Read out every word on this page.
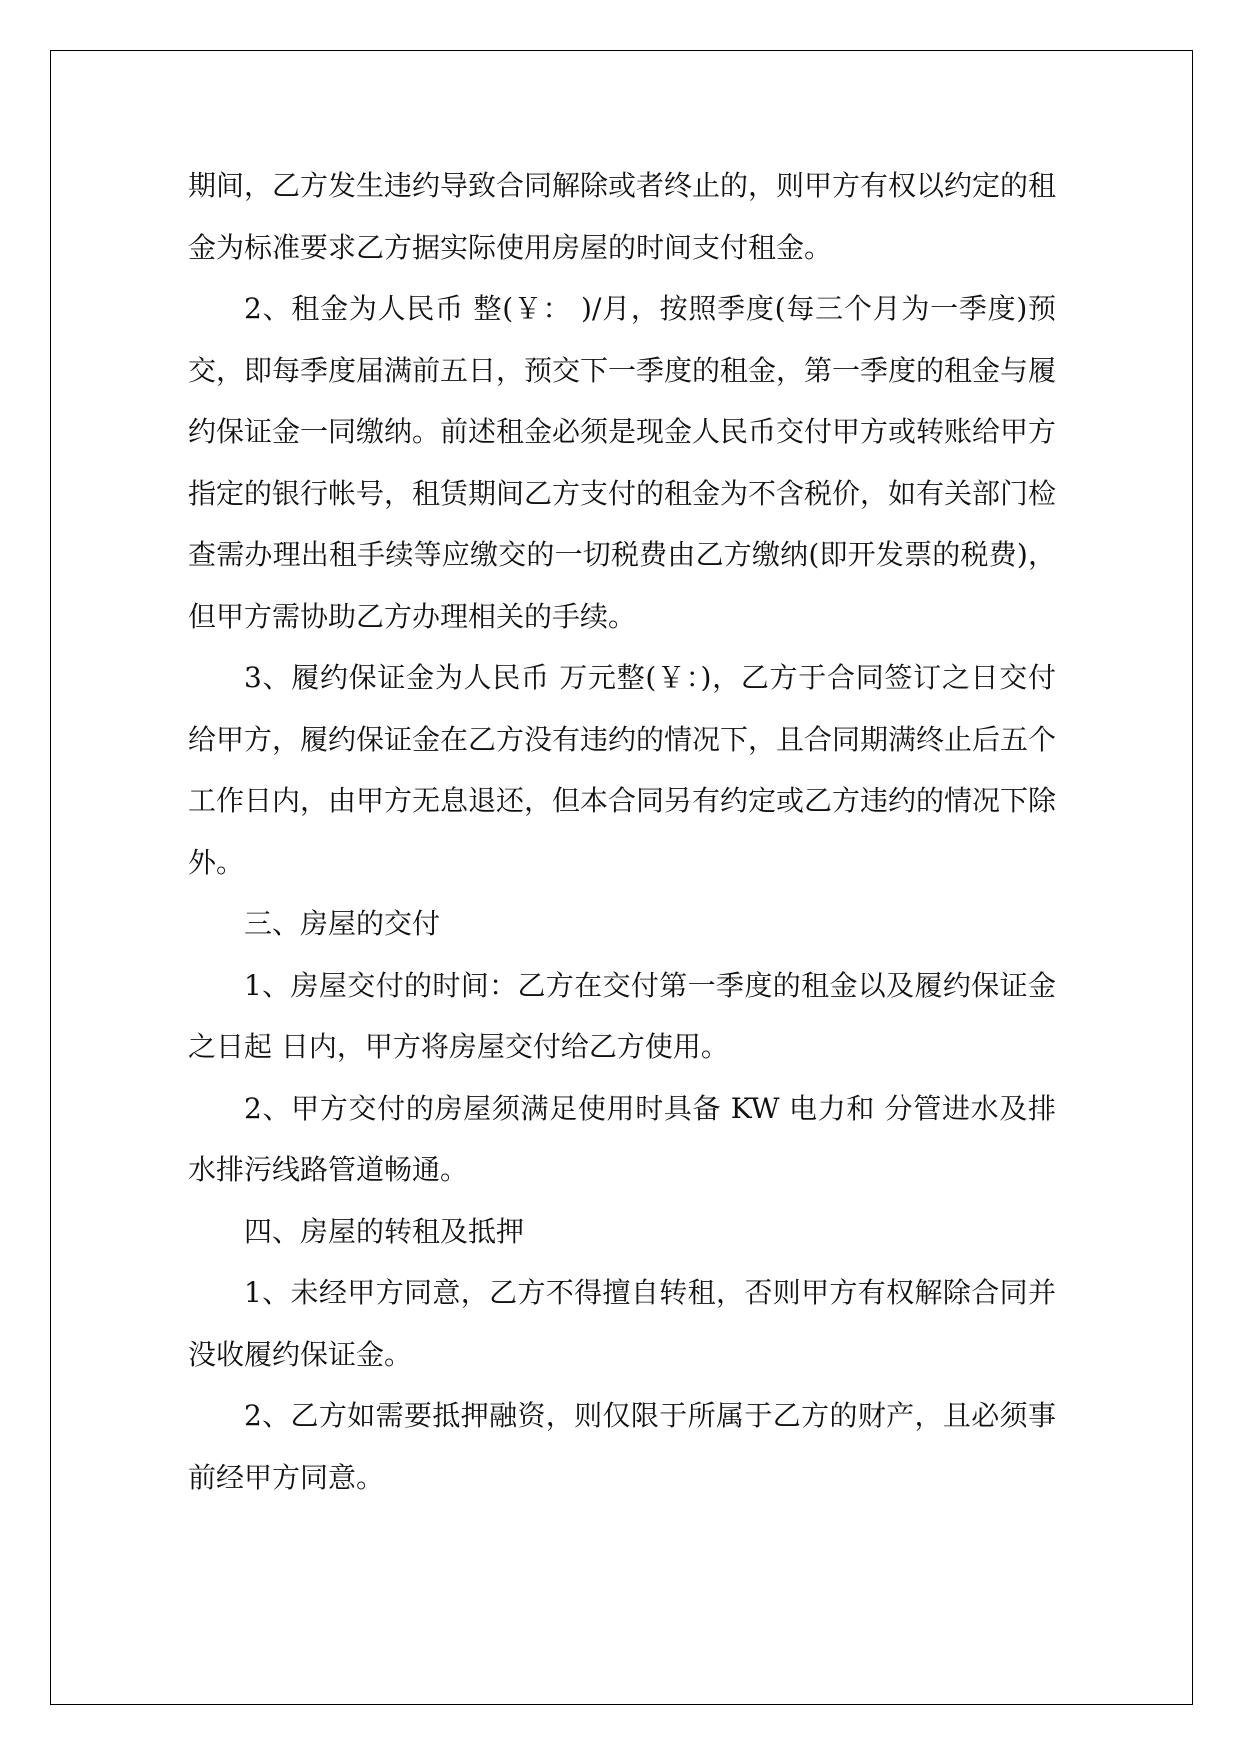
期间，乙方发生违约导致合同解除或者终止的，则甲方有权以约定的租金为标准要求乙方据实际使用房屋的时间支付租金。

2、租金为人民币 整(￥： )/月，按照季度(每三个月为一季度)预交，即每季度届满前五日，预交下一季度的租金，第一季度的租金与履约保证金一同缴纳。前述租金必须是现金人民币交付甲方或转账给甲方指定的银行帐号，租赁期间乙方支付的租金为不含税价，如有关部门检查需办理出租手续等应缴交的一切税费由乙方缴纳(即开发票的税费)，但甲方需协助乙方办理相关的手续。

3、履约保证金为人民币 万元整(￥：)，乙方于合同签订之日交付给甲方，履约保证金在乙方没有违约的情况下，且合同期满终止后五个工作日内，由甲方无息退还，但本合同另有约定或乙方违约的情况下除外。

三、房屋的交付

1、房屋交付的时间：乙方在交付第一季度的租金以及履约保证金之日起 日内，甲方将房屋交付给乙方使用。

2、甲方交付的房屋须满足使用时具备 KW 电力和 分管进水及排水排污线路管道畅通。

四、房屋的转租及抵押

1、未经甲方同意，乙方不得擅自转租，否则甲方有权解除合同并没收履约保证金。

2、乙方如需要抵押融资，则仅限于所属于乙方的财产，且必须事前经甲方同意。
